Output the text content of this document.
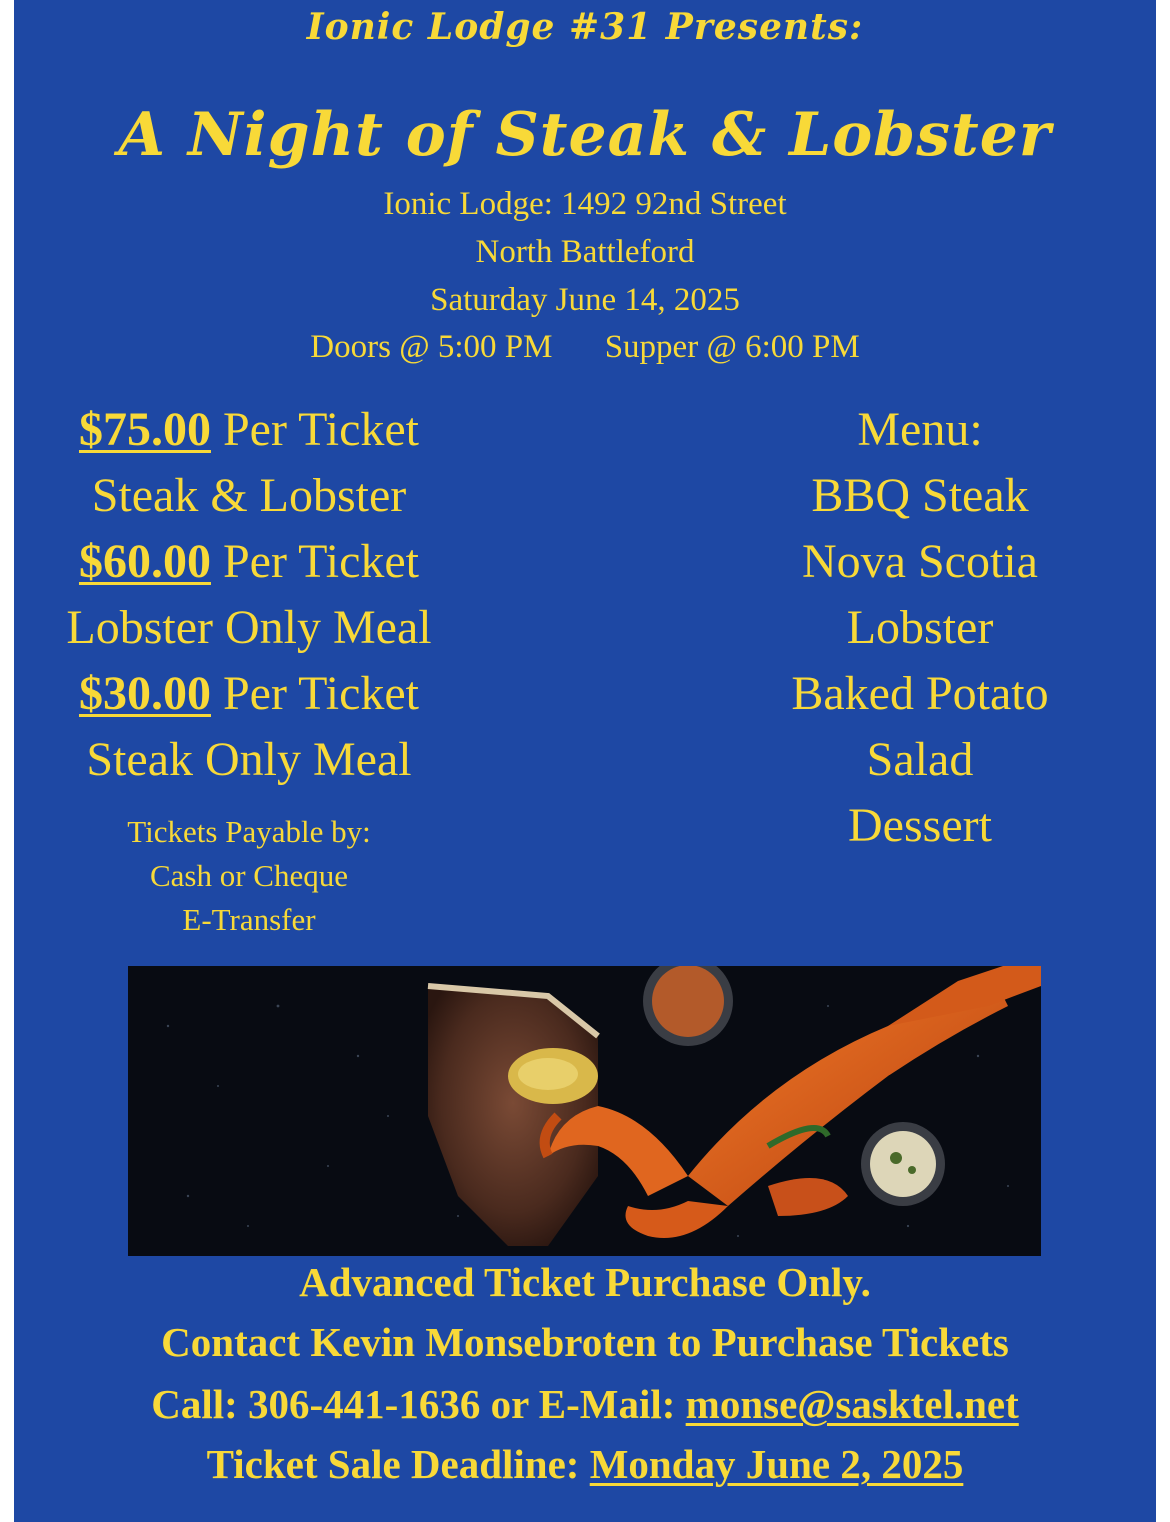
Ionic Lodge #31 Presents:
A Night of Steak & Lobster
Ionic Lodge: 1492 92nd Street
North Battleford
Saturday June 14, 2025
Doors @ 5:00 PM Supper @ 6:00 PM
$75.00 Per Ticket
Steak & Lobster
$60.00 Per Ticket
Lobster Only Meal
$30.00 Per Ticket
Steak Only Meal
Tickets Payable by:
Cash or Cheque
E-Transfer
Menu:
BBQ Steak
Nova Scotia
Lobster
Baked Potato
Salad
Dessert
Advanced Ticket Purchase Only.
Contact Kevin Monsebroten to Purchase Tickets
Call: 306-441-1636 or E-Mail: monse@sasktel.net
Ticket Sale Deadline: Monday June 2, 2025
